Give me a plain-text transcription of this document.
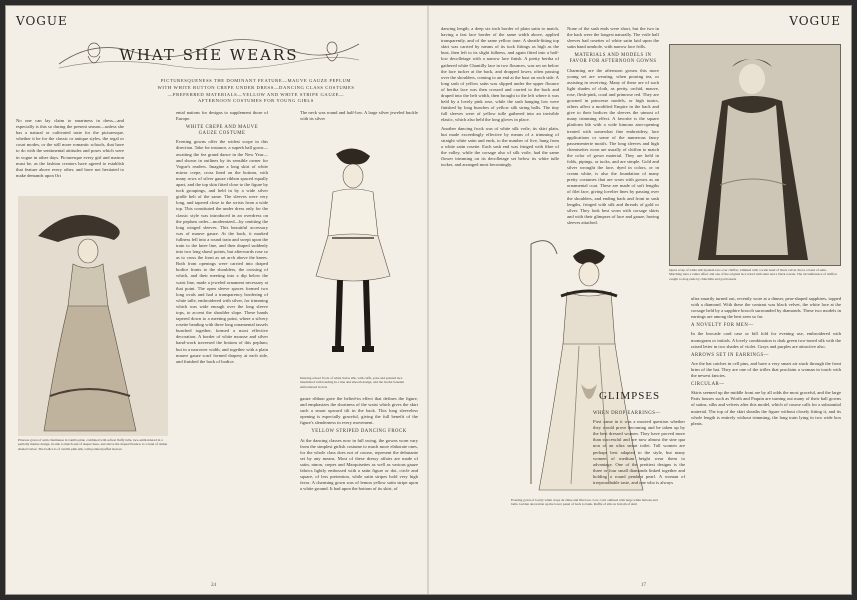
VOGUE
WHAT SHE WEARS
PICTURESQUENESS THE DOMINANT FEATURE—MAUVE GAUZE PEPLUM WITH WHITE BUTTON CREPE UNDER DRESS—DANCING CLASS COSTUMES—PREFERRED MATERIALS—YELLOW AND WHITE STRIPE GAUZE—AFTERNOON COSTUMES FOR YOUNG GIRLS

No one can lay claim to smartness in dress—and especially is this so during the present season—unless she has a natural or cultivated taste for the picturesque, whether it be for the classic or antique styles, the regal or court modes, or the still more romantic schools, that have to do with the sentimental attitudes and poses which were in vogue in other days. Picturesque every girl and matron must be, as the fashion creators have agreed to establish that feature above every other, and have not hesitated to make demands upon Ori

Princess gown of satin charmeuse in vanilla pink, combined with softest fluffy tulle, lace-embroidered in a partially marine design, in side to match and of deeper hues, and above the draped flounce, is a band of darker shaded velvet. The bodice is of vanilla pink silk, with pointed puffed sleeves

ental nations for designs to supplement those of Europe.

WHITE CREPE AND MAUVE GAUZE COSTUME

Evening gowns offer the widest scope in this direction. Take for instance, a superb ball gown—awaiting the fez grand dance in the New Year—and shown in outlines by its sensible owner for Vogue's readers. Imagine a long skirt of white mirror crepe, cross lined on the bottom, with many rows of silver gauze ribbon spaced equally apart, and the top skin fitted close to the figure by tuck groupings, and held in by a wide silver girdle belt of the same. The sleeves were very long, and tapered close to the wrists from a wide top. This constituted the under dress only for the classic style was introduced in an overdress on the peplum order—modernized—by omitting the long winged sleeves. This beautiful accessory was of mauve gauze. At the back, it marked fullness fell into a round train and swept upon the train to the knee line, and then draped suddenly into two long shawl points, but afterwards rose so as to cross the front as art arch above the knees. Both front openings were carried into draped bodice fronts to the shoulders, the crossing of which, and their meeting into a dip below the waist line, made a jeweled ornament necessary at that point. The open sleeve spaces formed two long ovals and had a transparency bordering of white tulle, embroidered with silver, for trimming which was wide enough over the long sleeve tops, to accent the shoulder slope. These bands tapered down to a meeting point, where a silvery rosette heading with three long ornamental tassels bunched together, formed a most effective decoration. A border of white mousse and silver hand-work traversed the bottom of this peplum; but in a narrower width, and together with a plain mauve gauze scarf formed drapery at each side, and finished the back of bodice.

The neck was round and half-low. A large silver jeweled buckle with its silver

Dancing school frock of white Swiss silk, with cuffs, yoke and pointed lace intermixed with banding in a line and smooth design, and the border beneath embroidered in dots

gauze ribbon gave the belted-in effect that defines the figure, and emphasizes the shortness of the waist which gives the skirt such a smart upward tilt in the back. This long sleeveless opening is especially graceful, giving the full benefit of the figure's slenderness in every movement.

YELLOW STRIPED DANCING FROCK

At the dancing classes now in full swing, the gowns worn vary from the simplest girlish costume to much more elaborate ones, for the whole class does not of course, represent the debutante set by any means. Most of these dressy affairs are made of satin, ninon, crepes and Marquisettes as well as various gauze fabrics lightly embossed with a satin figure or dot, circle and square, of less pretention, while satin stripes hold very high favor. A charming gown was of lemon yellow satin stripe upon a white ground. It had upon the bottom of its skirt, of

24
VOGUE

dancing length, a deep six inch border of plain satin to match, having a fast lace border of the same width above, applied transparently, and of the same yellow tone. A sheath-fitting top skirt was carried by means of its tuck fittings as high as the bust, then left to its slight fullness, and again fitted into a half-low decolletage with a narrow lace finish. A pretty bertha of gathered white Chantilly lace in two flounces, was set on below the lace tucker at the back, and dropped lower, often passing over the shoulders, coming to an end at the bust on each side. A long sash of yellow satin was slipped under the upper flounce of bertha lace was then crossed and carried to the back and draped into the belt width, then brought to the left where it was held by a lovely pink rose, while the sash hanging low were finished by long bunches of yellow silk string balls. The tiny full sleeves were of yellow tulle gathered into an invisible elastic, which also held the long gloves in place.

Another dancing frock was of white silk voile, its skirt plain, but made exceedingly effective by means of a trimming of straight white satin and ends, to the number of five, hung from a white satin rosette. Each sash end was fringed with fibre of the valley, while the corsage also of silk voile, had the same flower trimming on its decolletage set below its white tulle tucker, and arranged most becomingly.

None of the sash ends were short, but the two in the back were the longest naturally. The voile half sleeves had rosettes of white satin laid upon the satin band armhole, with narrow lace frills.

MATERIALS AND MODELS IN FAVOR FOR AFTERNOON GOWNS

Charming are the afternoon gowns this more young set are wearing, when pouring tea, or assisting in receiving. Many of these are of such light shades of cloth, as pretty, orchid, mauve, rose, flesh-pink, coral and primrose red. They are gowned in princesse models, or high tunics, others affect a modified Empire in the back and give to their bodices the sleeves the utmost of many trimming effect. A favorite is the square platform bib with a wide kimono arm-opening treated with somewhat fine embroidery, lace applications or some of the numerous fancy passementerie motifs. The long sleeves and high chemisettes worn are usually of chiffon to match the color of gown material. They are held in folds, pipings, or tucks, and are simple. Gold and silver wrought the lace, dyed in colors, or in cream white, is also the foundation of many pretty costumes that are worn with gowns as an ornamental coat. These are made of soft lengths of filet lace, giving lovelier lines by passing over the shoulders, and ending back and front in sash lengths, fringed with silk and threads of gold or silver. They look best worn with corsage skirts and with their glimpses of lace and gauze, having sleeves attached.

Opera wrap of white silk Spanish lace over chiffon, trimmed with a wide band of black velvet above a band of satin. Matching tiara a rather effect and one of the original lace wired with satin and a black rosette. The circumference of chiffon caught to drag ends by chinchilla and gold tassels
Evening gown of lovely white crepe de chine and filet lace. Low cowl outlined with large white buttons and balls. Golden decoration up the lower panel of back to bank. Ruffle of silk on bottom of skirt
GLIMPSES
WHEN DROP EARRINGS—

First came in it was a mooted question whether they would prove becoming and be taken up by the best dressed women. They have proved more than successful and are now almost the sine qua non of an ultra smart toilet. Tall women are perhaps best adapted to the style, but many women of medium height wear them to advantage. One of the prettiest designs is the three or four small diamonds linked together and holding a round pendant pearl. A woman of irreproachable taste, and one who is always

ultra smartly turned out, recently wore at a dinner, pear-shaped sapphires, topped with a diamond. With these the contrast was black velvet, the white lace at the corsage held by a sapphire brooch surrounded by diamonds. These two models in earrings are among the best seen so far.

A NOVELTY FOR MEN—

In the brocade card case or bill fold for evening use, embroidered with monogram or initials. A lovely combination is dark green two-toned silk with the raised letter in two shades of violet. Grays and purples are attractive also.

ARROWS SET IN EARRINGS—

Are the hat catches in cell pins, and have a very smart air stuck through the front brim of the hat. They are one of the trifles that proclaim a woman in touch with the newest fancies.

CIRCULAR—

Skirts seemed up the middle front are by all odds the most graceful, and the large Paris houses such as Worth and Paquin are turning out many of their ball gowns of satins, silks and velvets after this model, which of course calls for a substantial material. The top of the skirt sheaths the figure without closely fitting it, and its whole length is entirely without trimming, the long train lying in two wide box pleats.

17
